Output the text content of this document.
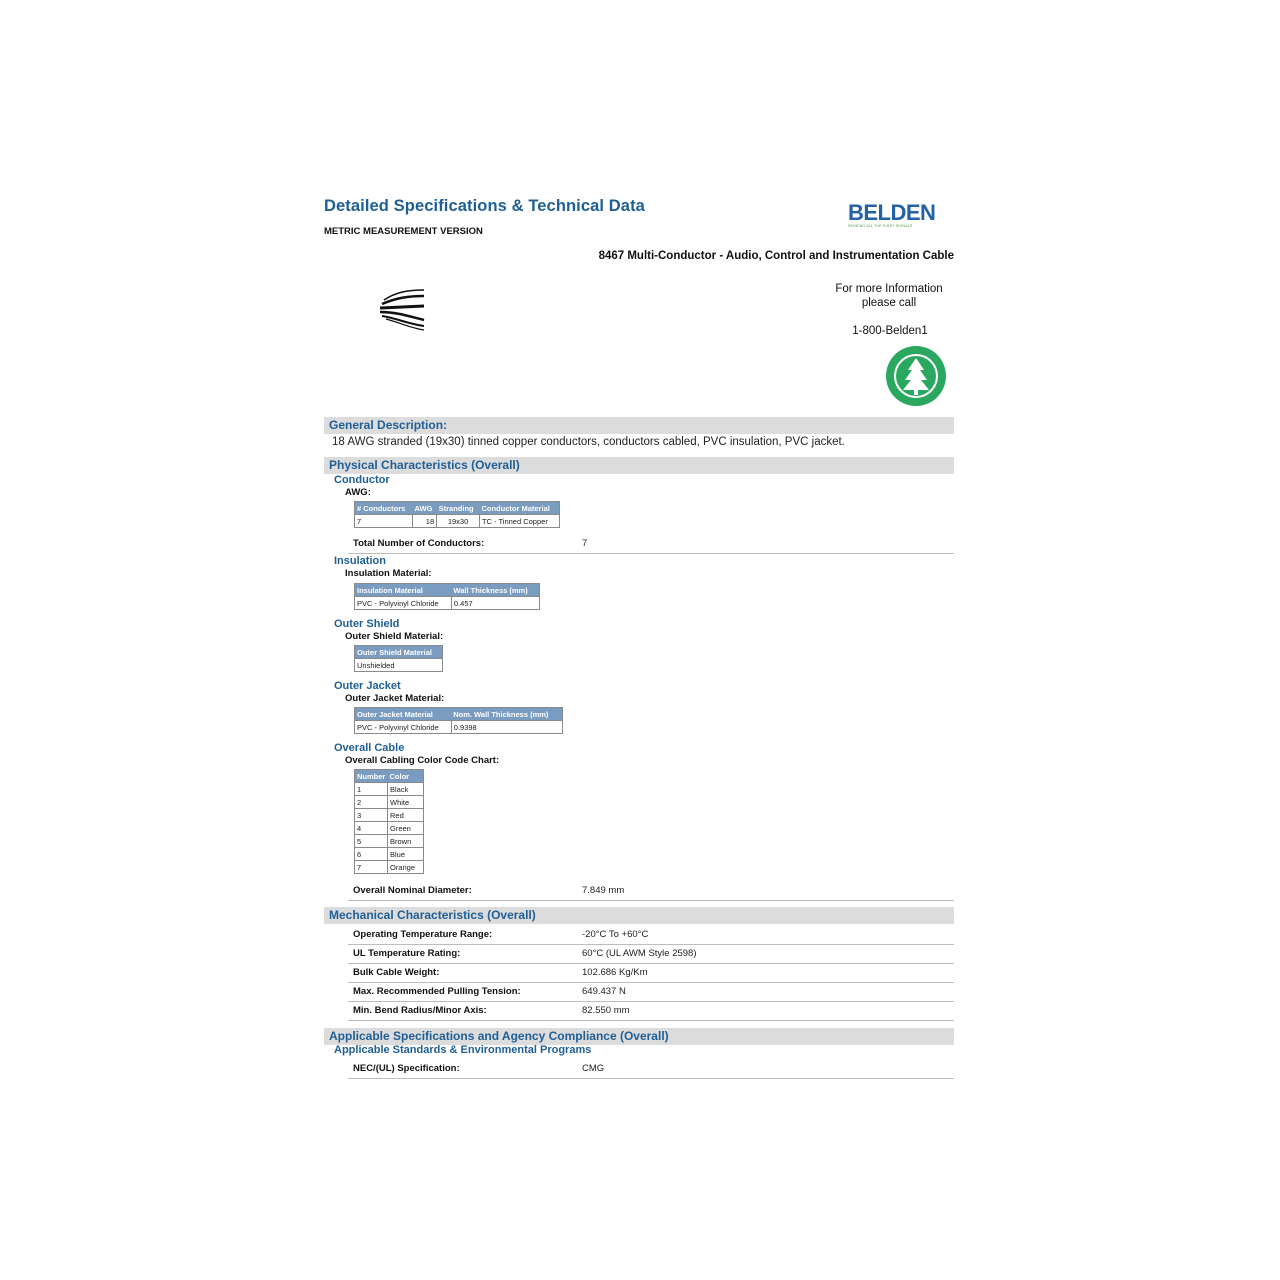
Detailed Specifications & Technical Data
METRIC MEASUREMENT VERSION
BELDEN
SENDING ALL THE RIGHT SIGNALS
8467 Multi-Conductor - Audio, Control and Instrumentation Cable
For more Information
please call
1-800-Belden1
General Description:
18 AWG stranded (19x30) tinned copper conductors, conductors cabled, PVC insulation, PVC jacket.
Physical Characteristics (Overall)
Conductor
AWG:
# Conductors	AWG	Stranding	Conductor Material
7	18	19x30	TC - Tinned Copper
Total Number of Conductors:	7
Insulation
Insulation Material:
Insulation Material	Wall Thickness (mm)
PVC - Polyvinyl Chloride	0.457
Outer Shield
Outer Shield Material:
Outer Shield Material
Unshielded
Outer Jacket
Outer Jacket Material:
Outer Jacket Material	Nom. Wall Thickness (mm)
PVC - Polyvinyl Chloride	0.9398
Overall Cable
Overall Cabling Color Code Chart:
Number	Color
1	Black
2	White
3	Red
4	Green
5	Brown
6	Blue
7	Orange
Overall Nominal Diameter:	7.849 mm
Mechanical Characteristics (Overall)
Operating Temperature Range:	-20°C To +60°C
UL Temperature Rating:	60°C (UL AWM Style 2598)
Bulk Cable Weight:	102.686 Kg/Km
Max. Recommended Pulling Tension:	649.437 N
Min. Bend Radius/Minor Axis:	82.550 mm
Applicable Specifications and Agency Compliance (Overall)
Applicable Standards & Environmental Programs
NEC/(UL) Specification:	CMG
